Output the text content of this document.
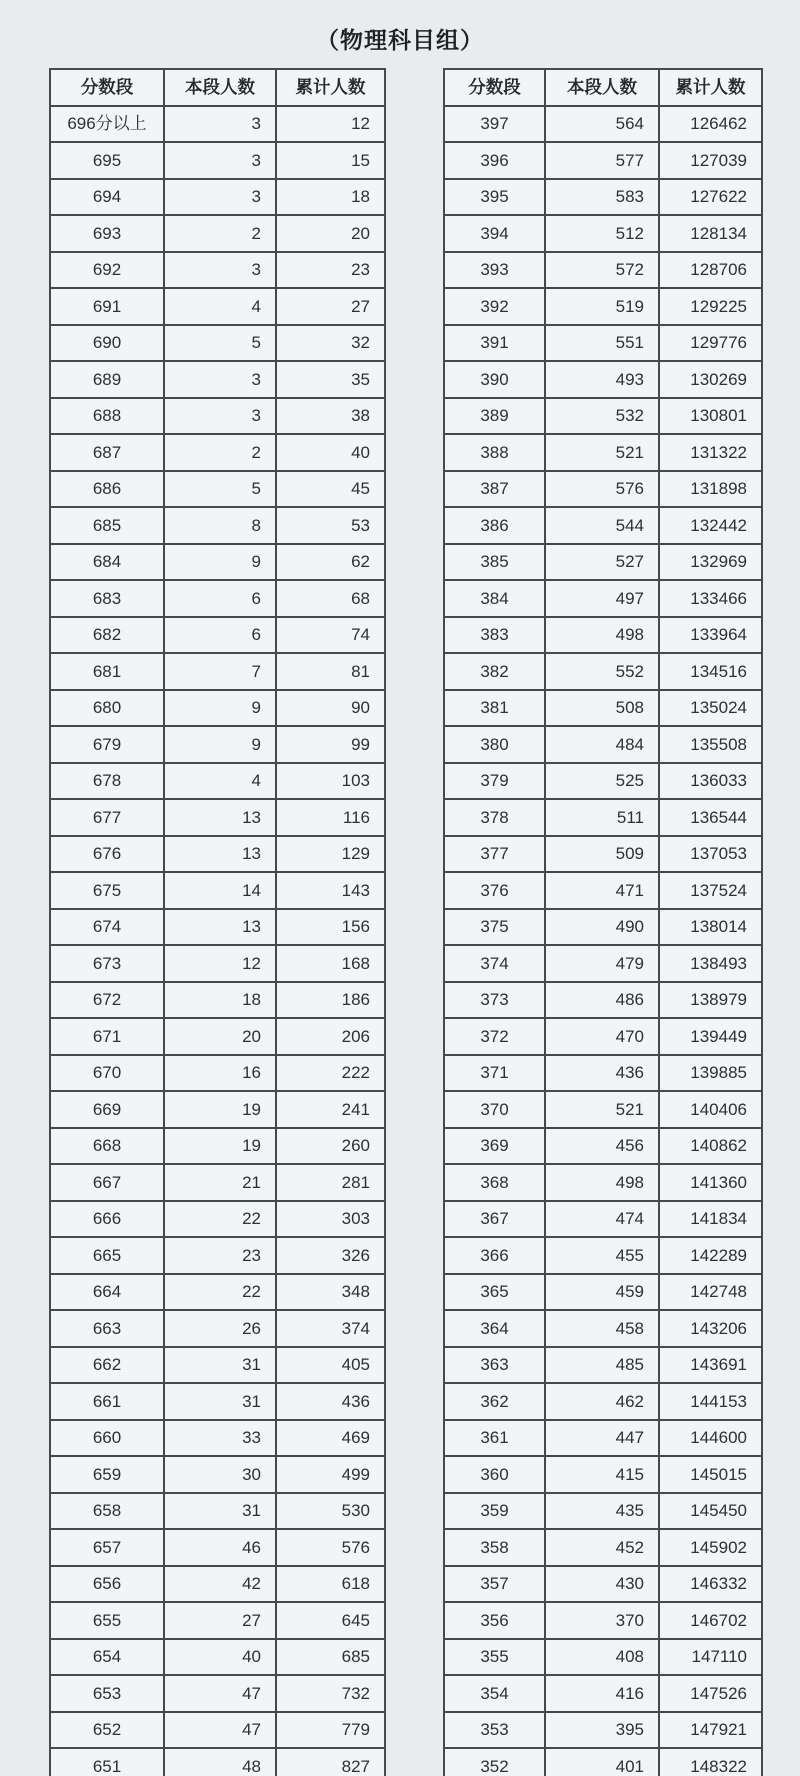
（物理科目组）
分数段	本段人数	累计人数
696分以上	3	12
695	3	15
694	3	18
693	2	20
692	3	23
691	4	27
690	5	32
689	3	35
688	3	38
687	2	40
686	5	45
685	8	53
684	9	62
683	6	68
682	6	74
681	7	81
680	9	90
679	9	99
678	4	103
677	13	116
676	13	129
675	14	143
674	13	156
673	12	168
672	18	186
671	20	206
670	16	222
669	19	241
668	19	260
667	21	281
666	22	303
665	23	326
664	22	348
663	26	374
662	31	405
661	31	436
660	33	469
659	30	499
658	31	530
657	46	576
656	42	618
655	27	645
654	40	685
653	47	732
652	47	779
651	48	827
分数段	本段人数	累计人数
397	564	126462
396	577	127039
395	583	127622
394	512	128134
393	572	128706
392	519	129225
391	551	129776
390	493	130269
389	532	130801
388	521	131322
387	576	131898
386	544	132442
385	527	132969
384	497	133466
383	498	133964
382	552	134516
381	508	135024
380	484	135508
379	525	136033
378	511	136544
377	509	137053
376	471	137524
375	490	138014
374	479	138493
373	486	138979
372	470	139449
371	436	139885
370	521	140406
369	456	140862
368	498	141360
367	474	141834
366	455	142289
365	459	142748
364	458	143206
363	485	143691
362	462	144153
361	447	144600
360	415	145015
359	435	145450
358	452	145902
357	430	146332
356	370	146702
355	408	147110
354	416	147526
353	395	147921
352	401	148322
